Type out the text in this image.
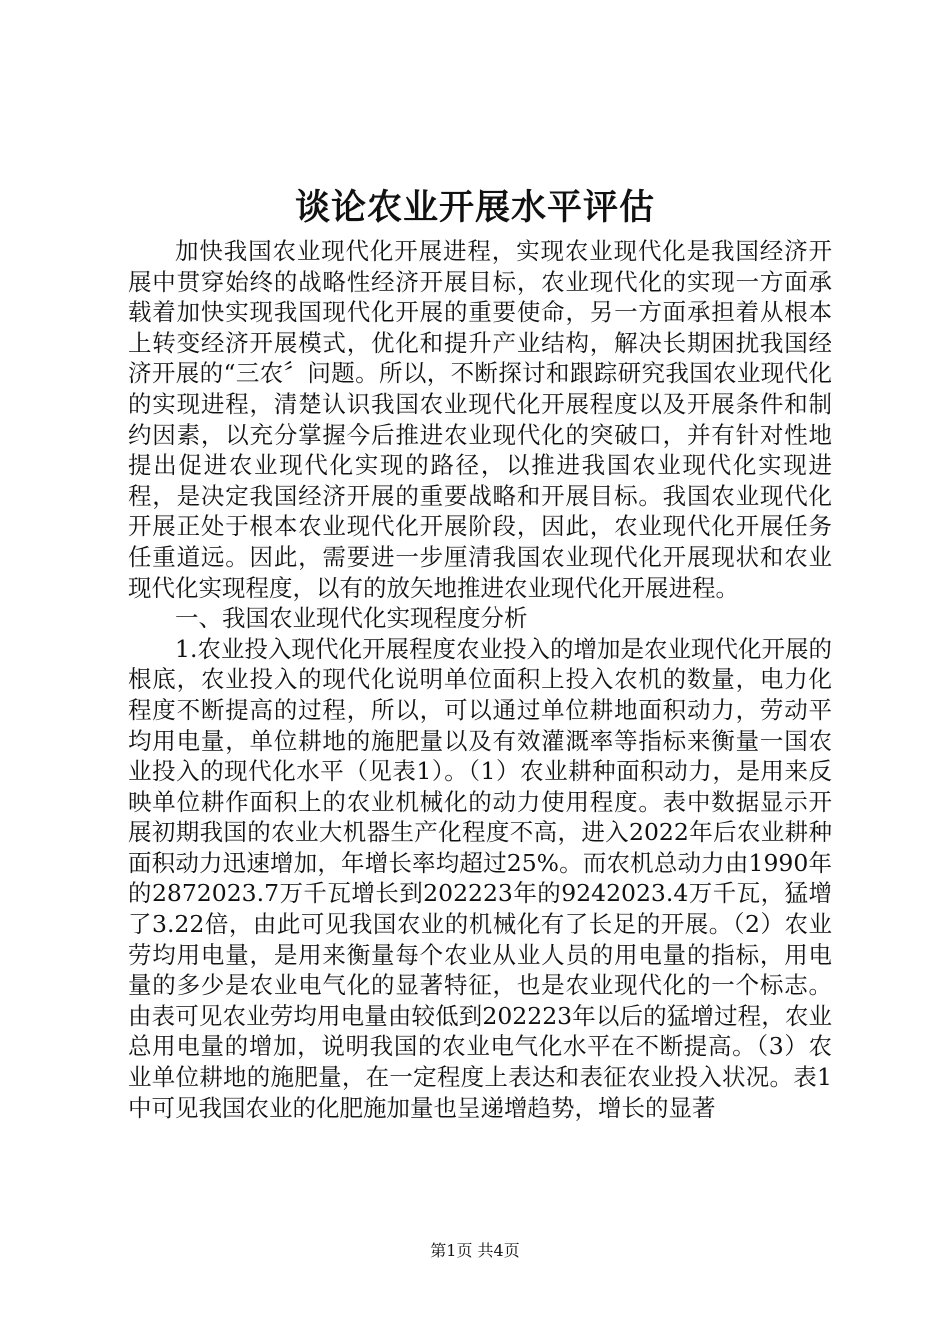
谈论农业开展水平评估

加快我国农业现代化开展进程，实现农业现代化是我国经济开展中贯穿始终的战略性经济开展目标，农业现代化的实现一方面承载着加快实现我国现代化开展的重要使命，另一方面承担着从根本上转变经济开展模式，优化和提升产业结构，解决长期困扰我国经济开展的“三农〞问题。所以，不断探讨和跟踪研究我国农业现代化的实现进程，清楚认识我国农业现代化开展程度以及开展条件和制约因素，以充分掌握今后推进农业现代化的突破口，并有针对性地提出促进农业现代化实现的路径，以推进我国农业现代化实现进程，是决定我国经济开展的重要战略和开展目标。我国农业现代化开展正处于根本农业现代化开展阶段，因此，农业现代化开展任务任重道远。因此，需要进一步厘清我国农业现代化开展现状和农业现代化实现程度，以有的放矢地推进农业现代化开展进程。

一、我国农业现代化实现程度分析

1.农业投入现代化开展程度农业投入的增加是农业现代化开展的根底，农业投入的现代化说明单位面积上投入农机的数量，电力化程度不断提高的过程，所以，可以通过单位耕地面积动力，劳动平均用电量，单位耕地的施肥量以及有效灌溉率等指标来衡量一国农业投入的现代化水平（见表1）。（1）农业耕种面积动力，是用来反映单位耕作面积上的农业机械化的动力使用程度。表中数据显示开展初期我国的农业大机器生产化程度不高，进入2022年后农业耕种面积动力迅速增加，年增长率均超过25%。而农机总动力由1990年的2872023.7万千瓦增长到202223年的9242023.4万千瓦，猛增了3.22倍，由此可见我国农业的机械化有了长足的开展。（2）农业劳均用电量，是用来衡量每个农业从业人员的用电量的指标，用电量的多少是农业电气化的显著特征，也是农业现代化的一个标志。由表可见农业劳均用电量由较低到202223年以后的猛增过程，农业总用电量的增加，说明我国的农业电气化水平在不断提高。（3）农业单位耕地的施肥量，在一定程度上表达和表征农业投入状况。表1中可见我国农业的化肥施加量也呈递增趋势，增长的显著

第1页 共4页
